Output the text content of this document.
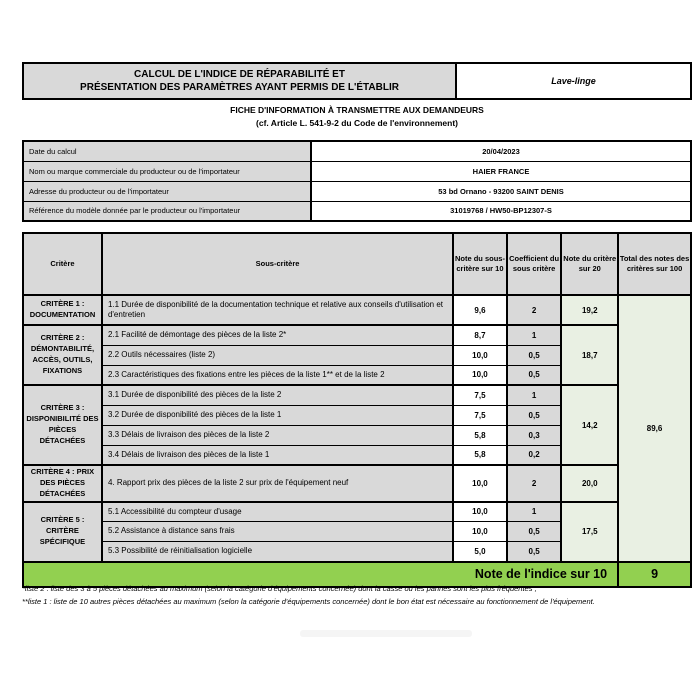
CALCUL DE L'INDICE DE RÉPARABILITÉ ET
PRÉSENTATION DES PARAMÈTRES AYANT PERMIS DE L'ÉTABLIR
Lave-linge
FICHE D'INFORMATION À TRANSMETTRE AUX DEMANDEURS
(cf. Article L. 541-9-2 du Code de l'environnement)
Date du calcul	20/04/2023
Nom ou marque commerciale du producteur ou de l'importateur	HAIER FRANCE
Adresse du producteur ou de l'importateur	53 bd Ornano - 93200 SAINT DENIS
Référence du modèle donnée par le producteur ou l'importateur	31019768 / HW50-BP12307-S
Critère	Sous-critère	Note du sous-critère sur 10	Coefficient du sous critère	Note du critère sur 20	Total des notes des critères sur 100
CRITÈRE 1 : DOCUMENTATION	1.1 Durée de disponibilité de la documentation technique et relative aux conseils d'utilisation et d'entretien	9,6	2	19,2	89,6
CRITÈRE 2 : DÉMONTABILITÉ, ACCÈS, OUTILS, FIXATIONS	2.1 Facilité de démontage des pièces de la liste 2*	8,7	1	18,7	
	2.2 Outils nécessaires (liste 2)	10,0	0,5		
	2.3 Caractéristiques des fixations entre les pièces de la liste 1** et de la liste 2	10,0	0,5		
CRITÈRE 3 : DISPONIBILITÉ DES PIÈCES DÉTACHÉES	3.1 Durée de disponibilité des pièces de la liste 2	7,5	1	14,2	
	3.2 Durée de disponibilité des pièces de la liste 1	7,5	0,5		
	3.3 Délais de livraison des pièces de la liste 2	5,8	0,3		
	3.4 Délais de livraison des pièces de la liste 1	5,8	0,2		
CRITÈRE 4 : PRIX DES PIÈCES DÉTACHÉES	4. Rapport prix des pièces de la liste 2 sur prix de l'équipement neuf	10,0	2	20,0	
CRITÈRE 5 : CRITÈRE SPÉCIFIQUE	5.1 Accessibilité du compteur d'usage	10,0	1	17,5	
	5.2 Assistance à distance sans frais	10,0	0,5		
	5.3 Possibilité de réinitialisation logicielle	5,0	0,5		
Note de l'indice sur 10					9
*liste 2 : liste des 3 à 5 pièces détachées au maximum (selon la catégorie d'équipements concernée) dont la casse ou les pannes sont les plus fréquentes ;
**liste 1 : liste de 10 autres pièces détachées au maximum (selon la catégorie d'équipements concernée) dont le bon état est nécessaire au fonctionnement de l'équipement.
